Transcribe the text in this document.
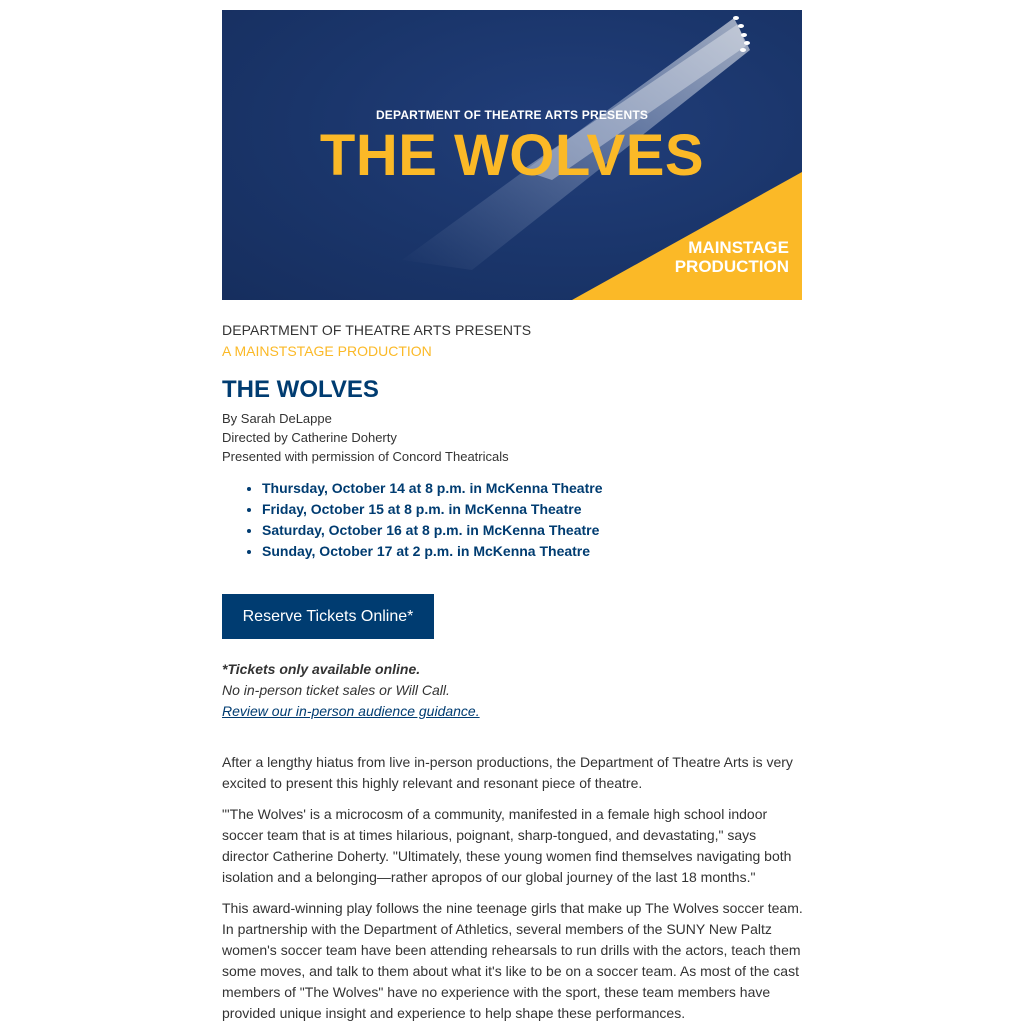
DEPARTMENT OF THEATRE ARTS PRESENTS
THE WOLVES
MAINSTAGE
PRODUCTION
DEPARTMENT OF THEATRE ARTS PRESENTS
A MAINSTSTAGE PRODUCTION
THE WOLVES
By Sarah DeLappe
Directed by Catherine Doherty
Presented with permission of Concord Theatricals
• Thursday, October 14 at 8 p.m. in McKenna Theatre
• Friday, October 15 at 8 p.m. in McKenna Theatre
• Saturday, October 16 at 8 p.m. in McKenna Theatre
• Sunday, October 17 at 2 p.m. in McKenna Theatre
Reserve Tickets Online*
*Tickets only available online.
No in-person ticket sales or Will Call.
Review our in-person audience guidance.

After a lengthy hiatus from live in-person productions, the Department of Theatre Arts is very excited to present this highly relevant and resonant piece of theatre.

"'The Wolves' is a microcosm of a community, manifested in a female high school indoor soccer team that is at times hilarious, poignant, sharp-tongued, and devastating," says director Catherine Doherty. "Ultimately, these young women find themselves navigating both isolation and a belonging—rather apropos of our global journey of the last 18 months."

This award-winning play follows the nine teenage girls that make up The Wolves soccer team. In partnership with the Department of Athletics, several members of the SUNY New Paltz women's soccer team have been attending rehearsals to run drills with the actors, teach them some moves, and talk to them about what it's like to be on a soccer team. As most of the cast members of "The Wolves" have no experience with the sport, these team members have provided unique insight and experience to help shape these performances.
